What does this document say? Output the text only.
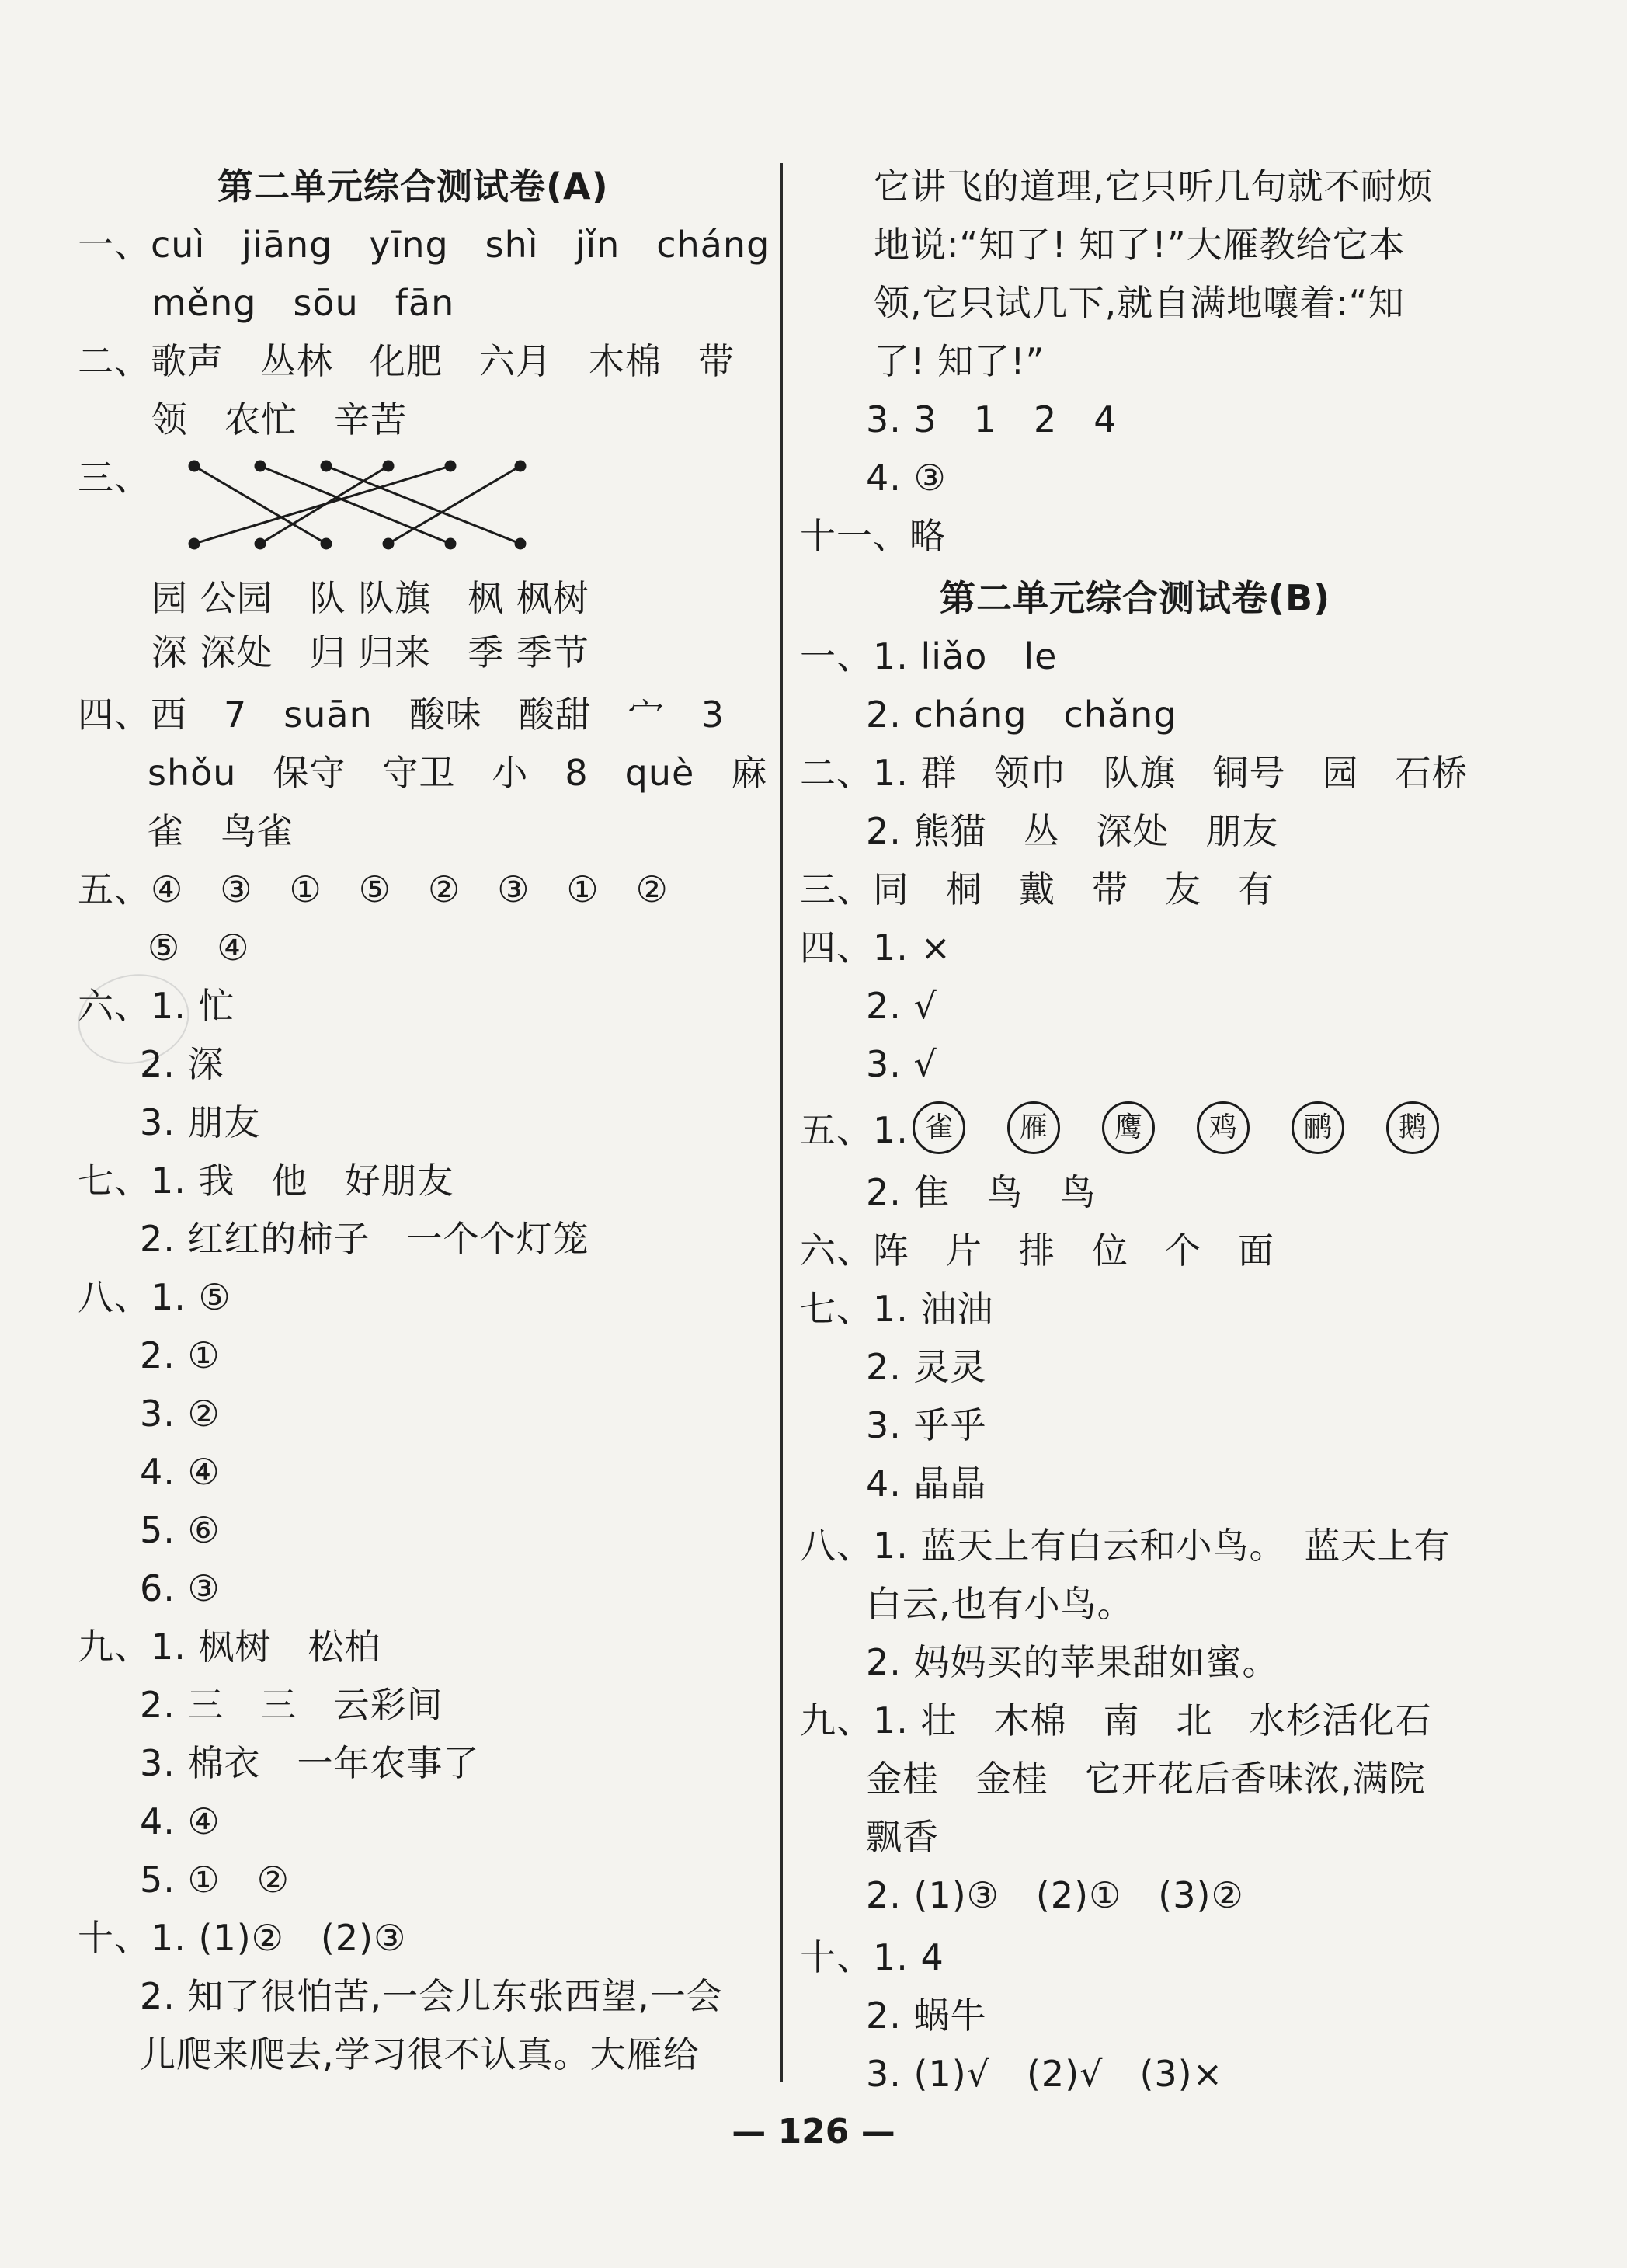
第二单元综合测试卷(A)
一、cuì　jiāng　yīng　shì　jǐn　cháng
měng　sōu　fān
二、歌声　丛林　化肥　六月　木棉　带
领　农忙　辛苦
三、
园 公园　队 队旗　枫 枫树
深 深处　归 归来　季 季节
四、西　7　suān　酸味　酸甜　宀　3
shǒu　保守　守卫　小　8　què　麻
雀　鸟雀
五、④　③　①　⑤　②　③　①　②
⑤　④
六、1. 忙
2. 深
3. 朋友
七、1. 我　他　好朋友
2. 红红的柿子　一个个灯笼
八、1. ⑤
2. ①
3. ②
4. ④
5. ⑥
6. ③
九、1. 枫树　松柏
2. 三　三　云彩间
3. 棉衣　一年农事了
4. ④
5. ①　②
十、1. (1)②　(2)③
2. 知了很怕苦,一会儿东张西望,一会
儿爬来爬去,学习很不认真。大雁给
它讲飞的道理,它只听几句就不耐烦
地说:“知了! 知了!”大雁教给它本
领,它只试几下,就自满地嚷着:“知
了! 知了!”
3. 3　1　2　4
4. ③
十一、略
第二单元综合测试卷(B)
一、1. liǎo　le
2. cháng　chǎng
二、1. 群　领巾　队旗　铜号　园　石桥
2. 熊猫　丛　深处　朋友
三、同　桐　戴　带　友　有
四、1. ×
2. √
3. √
五、1. 雀	雁	鹰	鸡	鹂	鹅
2. 隹　鸟　鸟
六、阵　片　排　位　个　面
七、1. 油油
2. 灵灵
3. 乎乎
4. 晶晶
八、1. 蓝天上有白云和小鸟。　蓝天上有
白云,也有小鸟。
2. 妈妈买的苹果甜如蜜。
九、1. 壮　木棉　南　北　水杉活化石
金桂　金桂　它开花后香味浓,满院
飘香
2. (1)③　(2)①　(3)②
十、1. 4
2. 蜗牛
3. (1)√　(2)√　(3)×
— 126 —
